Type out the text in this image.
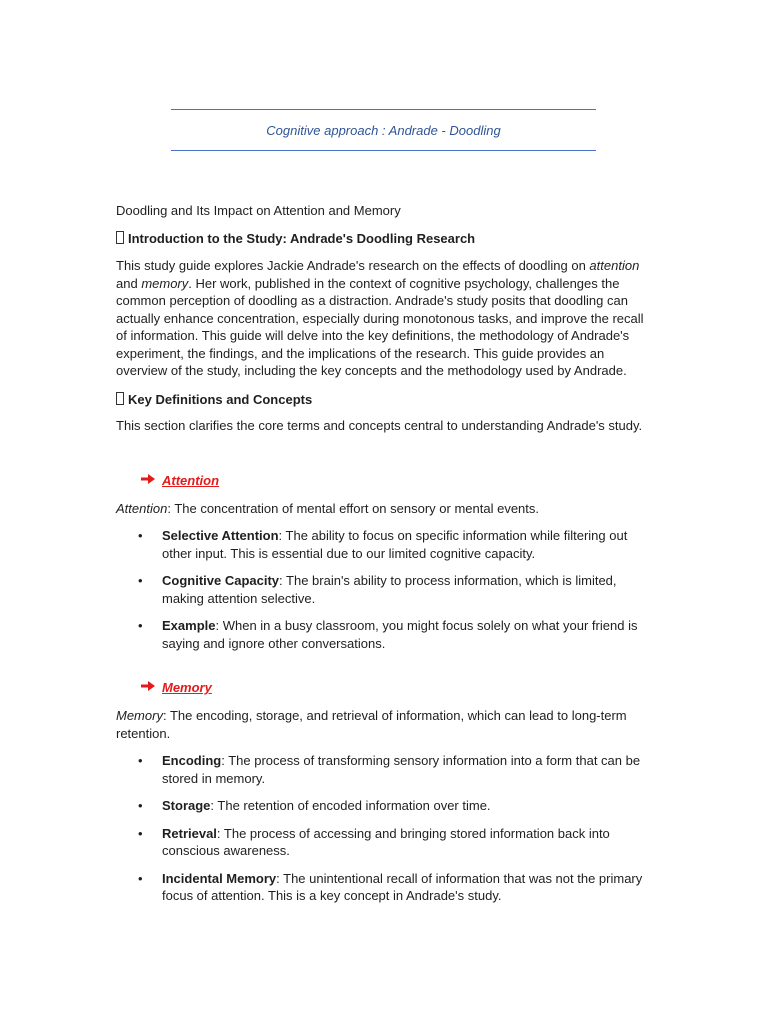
Cognitive approach : Andrade - Doodling

Doodling and Its Impact on Attention and Memory

Introduction to the Study: Andrade's Doodling Research

This study guide explores Jackie Andrade's research on the effects of doodling on attention
and memory. Her work, published in the context of cognitive psychology, challenges the common perception of doodling as a distraction. Andrade's study posits that doodling can actually enhance concentration, especially during monotonous tasks, and improve the recall of information. This guide will delve into the key definitions, the methodology of Andrade's experiment, the findings, and the implications of the research. This guide provides an overview of the study, including the key concepts and the methodology used by Andrade.

Key Definitions and Concepts

This section clarifies the core terms and concepts central to understanding Andrade's study.

Attention

Attention: The concentration of mental effort on sensory or mental events.

• Selective Attention: The ability to focus on specific information while filtering out other input. This is essential due to our limited cognitive capacity.
• Cognitive Capacity: The brain's ability to process information, which is limited, making attention selective.
• Example: When in a busy classroom, you might focus solely on what your friend is saying and ignore other conversations.

Memory

Memory: The encoding, storage, and retrieval of information, which can lead to long-term retention.

• Encoding: The process of transforming sensory information into a form that can be stored in memory.
• Storage: The retention of encoded information over time.
• Retrieval: The process of accessing and bringing stored information back into conscious awareness.
• Incidental Memory: The unintentional recall of information that was not the primary focus of attention. This is a key concept in Andrade's study.
